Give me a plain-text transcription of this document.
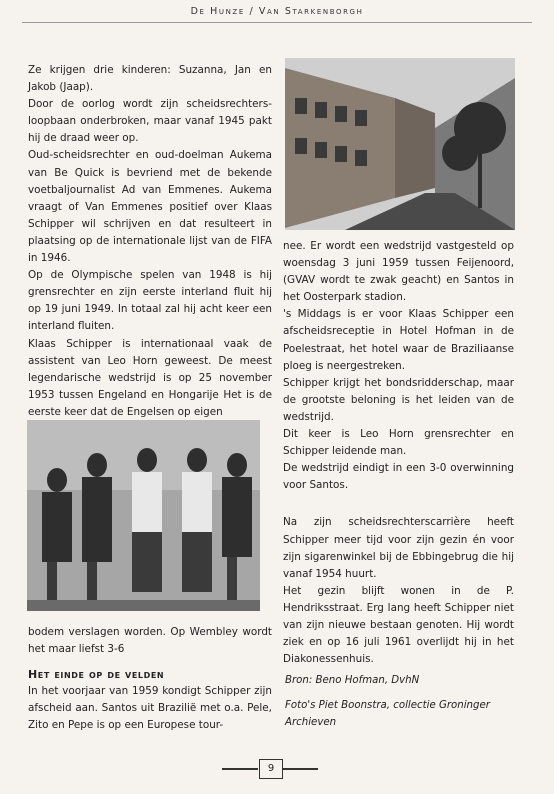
De Hunze / Van Starkenborgh

Ze krijgen drie kinderen: Suzanna, Jan en Jakob (Jaap).

Door de oorlog wordt zijn scheidsrechters-loopbaan onderbroken, maar vanaf 1945 pakt hij de draad weer op.

Oud-scheidsrechter en oud-doelman Aukema van Be Quick is bevriend met de bekende voetbaljournalist Ad van Emmenes. Aukema vraagt of Van Emmenes positief over Klaas Schipper wil schrijven en dat resulteert in plaatsing op de internationale lijst van de FIFA in 1946.

Op de Olympische spelen van 1948 is hij grensrechter en zijn eerste interland fluit hij op 19 juni 1949. In totaal zal hij acht keer een interland fluiten.

Klaas Schipper is internationaal vaak de assistent van Leo Horn geweest. De meest legendarische wedstrijd is op 25 november 1953 tussen Engeland en Hongarije Het is de eerste keer dat de Engelsen op eigen

nee. Er wordt een wedstrijd vastgesteld op woensdag 3 juni 1959 tussen Feijenoord, (GVAV wordt te zwak geacht) en Santos in het Oosterpark stadion.

's Middags is er voor Klaas Schipper een afscheidsreceptie in Hotel Hofman in de Poelestraat, het hotel waar de Braziliaanse ploeg is neergestreken.

Schipper krijgt het bondsridderschap, maar de grootste beloning is het leiden van de wedstrijd.

Dit keer is Leo Horn grensrechter en Schipper leidende man.

De wedstrijd eindigt in een 3-0 overwinning voor Santos.

Na zijn scheidsrechterscarrière heeft Schipper meer tijd voor zijn gezin én voor zijn sigarenwinkel bij de Ebbingebrug die hij vanaf 1954 huurt.

Het gezin blijft wonen in de P. Hendriksstraat. Erg lang heeft Schipper niet van zijn nieuwe bestaan genoten. Hij wordt ziek en op 16 juli 1961 overlijdt hij in het Diakonessenhuis.

bodem verslagen worden. Op Wembley wordt het maar liefst 3-6

Het einde op de velden

In het voorjaar van 1959 kondigt Schipper zijn afscheid aan. Santos uit Brazilië met o.a. Pele, Zito en Pepe is op een Europese tour-

Bron: Beno Hofman, DvhN

Foto's Piet Boonstra, collectie Groninger Archieven

9
